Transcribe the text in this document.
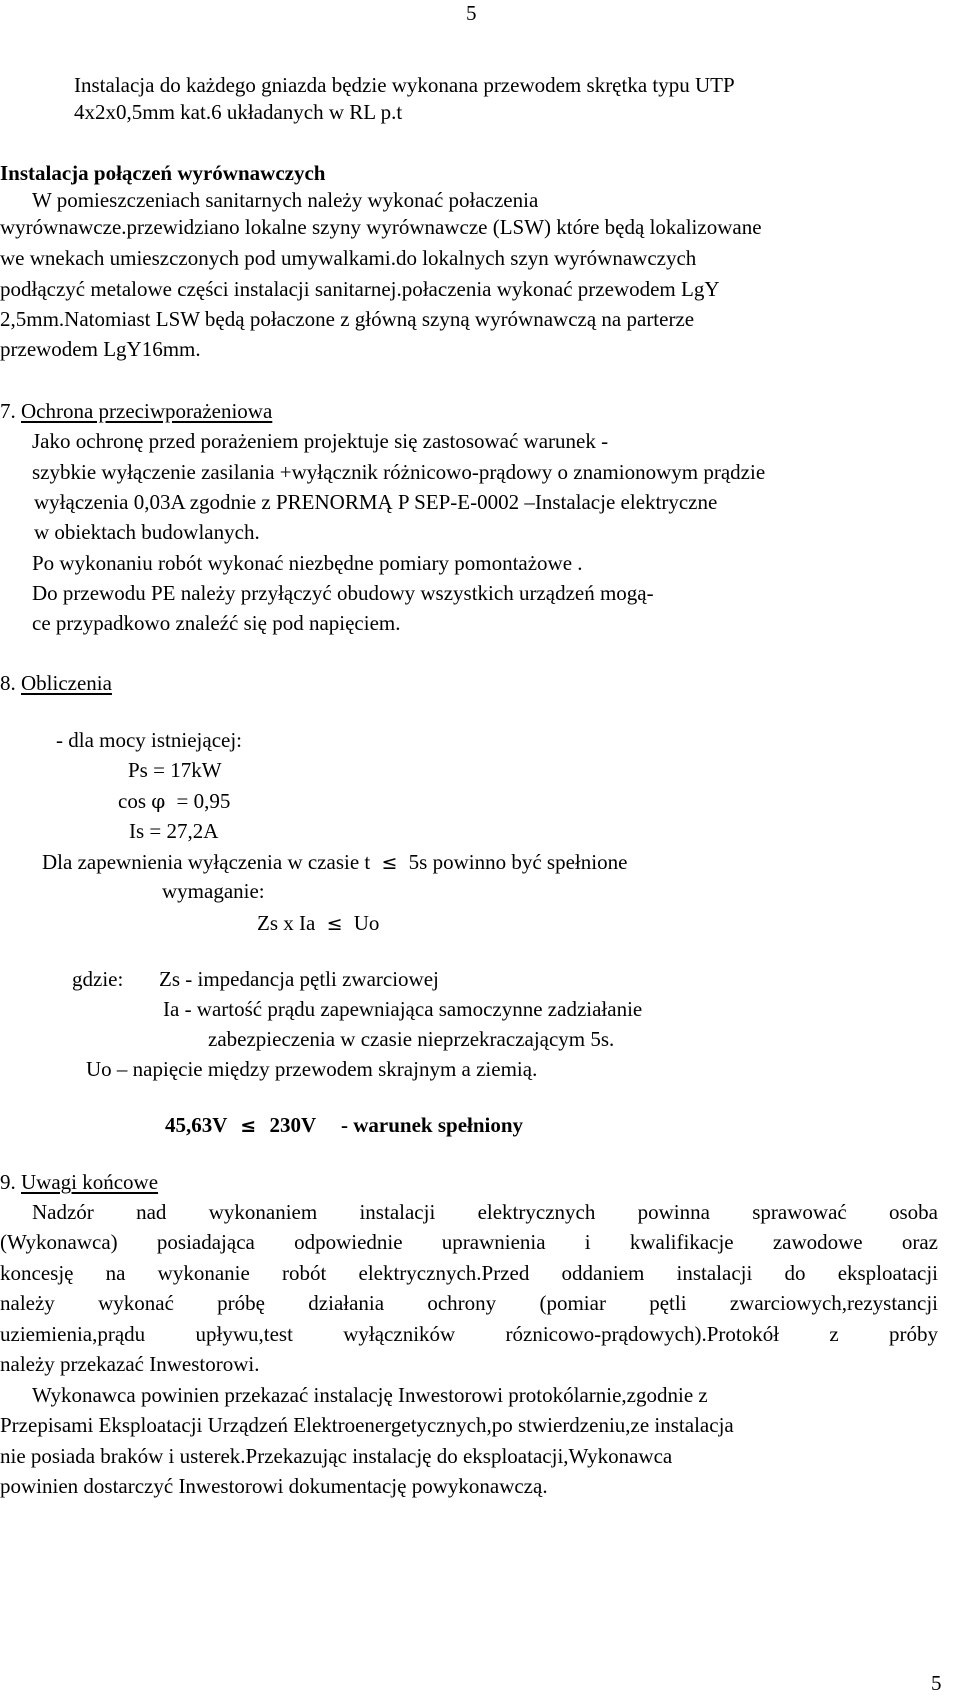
5
Instalacja do każdego gniazda będzie wykonana przewodem skrętka typu UTP
4x2x0,5mm kat.6 układanych w RL p.t
Instalacja połączeń wyrównawczych
W pomieszczeniach sanitarnych należy wykonać połaczenia
wyrównawcze.przewidziano lokalne szyny wyrównawcze (LSW) które będą lokalizowane
we wnekach umieszczonych pod umywalkami.do lokalnych szyn wyrównawczych
podłączyć metalowe części instalacji sanitarnej.połaczenia wykonać przewodem LgY
2,5mm.Natomiast LSW będą połaczone z główną szyną wyrównawczą na parterze
przewodem LgY16mm.
7. Ochrona przeciwporażeniowa
Jako ochronę przed porażeniem projektuje się zastosować warunek -
szybkie wyłączenie zasilania +wyłącznik różnicowo-prądowy o znamionowym prądzie
wyłączenia 0,03A zgodnie z PRENORMĄ P SEP-E-0002 –Instalacje elektryczne
w obiektach budowlanych.
Po wykonaniu robót wykonać niezbędne pomiary pomontażowe .
Do przewodu PE należy przyłączyć obudowy wszystkich urządzeń mogą-
ce przypadkowo znaleźć się pod napięciem.
8. Obliczenia
- dla mocy istniejącej:
Ps = 17kW
cos φ = 0,95
Is = 27,2A
Dla zapewnienia wyłączenia w czasie t ≤ 5s powinno być spełnione
wymaganie:
Zs x Ia ≤ Uo
gdzie: Zs - impedancja pętli zwarciowej
Ia - wartość prądu zapewniająca samoczynne zadziałanie
zabezpieczenia w czasie nieprzekraczającym 5s.
Uo – napięcie między przewodem skrajnym a ziemią.
45,63V ≤ 230V - warunek spełniony
9. Uwagi końcowe
Nadzór nad wykonaniem instalacji elektrycznych powinna sprawować osoba
(Wykonawca) posiadająca odpowiednie uprawnienia i kwalifikacje zawodowe oraz
koncesję na wykonanie robót elektrycznych.Przed oddaniem instalacji do eksploatacji
należy wykonać próbę działania ochrony (pomiar pętli zwarciowych,rezystancji
uziemienia,prądu upływu,test wyłączników róznicowo-prądowych).Protokół z próby
należy przekazać Inwestorowi.
Wykonawca powinien przekazać instalację Inwestorowi protokólarnie,zgodnie z
Przepisami Eksploatacji Urządzeń Elektroenergetycznych,po stwierdzeniu,ze instalacja
nie posiada braków i usterek.Przekazując instalację do eksploatacji,Wykonawca
powinien dostarczyć Inwestorowi dokumentację powykonawczą.
5
